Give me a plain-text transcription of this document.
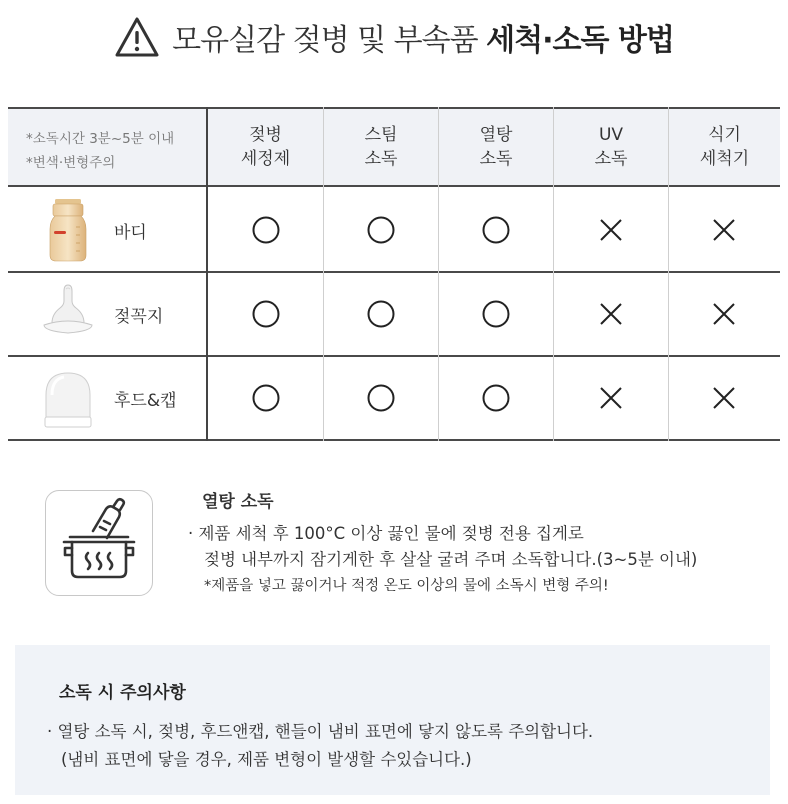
모유실감 젖병 및 부속품 세척·소독 방법
*소독시간 3분~5분 이내
*변색·변형주의
젖병
세정제
스팀
소독
열탕
소독
UV
소독
식기
세척기
바디
젖꼭지
후드&캡
열탕 소독
· 제품 세척 후 100°C 이상 끓인 물에 젖병 전용 집게로
젖병 내부까지 잠기게한 후 살살 굴려 주며 소독합니다.(3~5분 이내)
*제품을 넣고 끓이거나 적정 온도 이상의 물에 소독시 변형 주의!
소독 시 주의사항
· 열탕 소독 시, 젖병, 후드앤캡, 핸들이 냄비 표면에 닿지 않도록 주의합니다.
(냄비 표면에 닿을 경우, 제품 변형이 발생할 수있습니다.)
